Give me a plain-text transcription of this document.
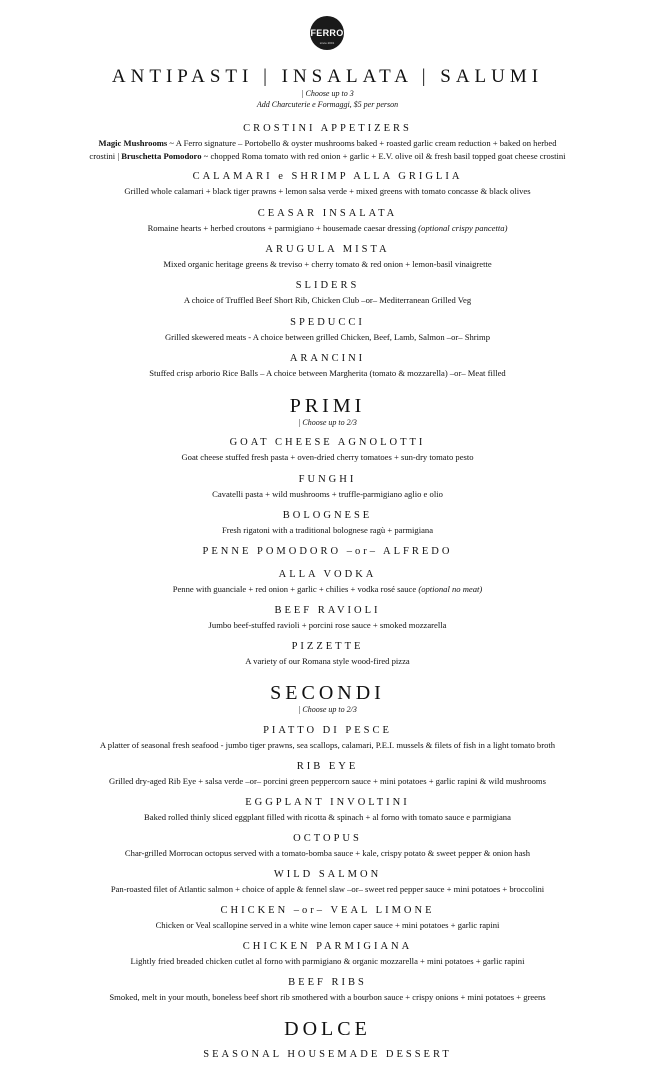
FERRO
since 2001
ANTIPASTI | INSALATA | SALUMI
| Choose up to 3
Add Charcuterie e Formaggi, $5 per person
CROSTINI APPETIZERS
Magic Mushrooms ~ A Ferro signature – Portobello & oyster mushrooms baked + roasted garlic cream reduction + baked on herbed
crostini | Bruschetta Pomodoro ~ chopped Roma tomato with red onion + garlic + E.V. olive oil & fresh basil topped goat cheese crostini
CALAMARI e SHRIMP ALLA GRIGLIA
Grilled whole calamari + black tiger prawns + lemon salsa verde + mixed greens with tomato concasse & black olives
CEASAR INSALATA
Romaine hearts + herbed croutons + parmigiano + housemade caesar dressing (optional crispy pancetta)
ARUGULA MISTA
Mixed organic heritage greens & treviso + cherry tomato & red onion + lemon-basil vinaigrette
SLIDERS
A choice of Truffled Beef Short Rib, Chicken Club –or– Mediterranean Grilled Veg
SPEDUCCI
Grilled skewered meats - A choice between grilled Chicken, Beef, Lamb, Salmon –or– Shrimp
ARANCINI
Stuffed crisp arborio Rice Balls – A choice between Margherita (tomato & mozzarella) –or– Meat filled
PRIMI
| Choose up to 2/3
GOAT CHEESE AGNOLOTTI
Goat cheese stuffed fresh pasta + oven-dried cherry tomatoes + sun-dry tomato pesto
FUNGHI
Cavatelli pasta + wild mushrooms + truffle-parmigiano aglio e olio
BOLOGNESE
Fresh rigatoni with a traditional bolognese ragù + parmigiana
PENNE POMODORO –or– ALFREDO
ALLA VODKA
Penne with guanciale + red onion + garlic + chilies + vodka rosé sauce (optional no meat)
BEEF RAVIOLI
Jumbo beef-stuffed ravioli + porcini rose sauce + smoked mozzarella
PIZZETTE
A variety of our Romana style wood-fired pizza
SECONDI
| Choose up to 2/3
PIATTO DI PESCE
A platter of seasonal fresh seafood - jumbo tiger prawns, sea scallops, calamari, P.E.I. mussels & filets of fish in a light tomato broth
RIB EYE
Grilled dry-aged Rib Eye + salsa verde –or– porcini green peppercorn sauce + mini potatoes + garlic rapini & wild mushrooms
EGGPLANT INVOLTINI
Baked rolled thinly sliced eggplant filled with ricotta & spinach + al forno with tomato sauce e parmigiana
OCTOPUS
Char-grilled Morrocan octopus served with a tomato-bomba sauce + kale, crispy potato & sweet pepper & onion hash
WILD SALMON
Pan-roasted filet of Atlantic salmon + choice of apple & fennel slaw –or– sweet red pepper sauce + mini potatoes + broccolini
CHICKEN –or– VEAL LIMONE
Chicken or Veal scallopine served in a white wine lemon caper sauce + mini potatoes + garlic rapini
CHICKEN PARMIGIANA
Lightly fried breaded chicken cutlet al forno with parmigiano & organic mozzarella + mini potatoes + garlic rapini
BEEF RIBS
Smoked, melt in your mouth, boneless beef short rib smothered with a bourbon sauce + crispy onions + mini potatoes + greens
DOLCE
SEASONAL HOUSEMADE DESSERT
